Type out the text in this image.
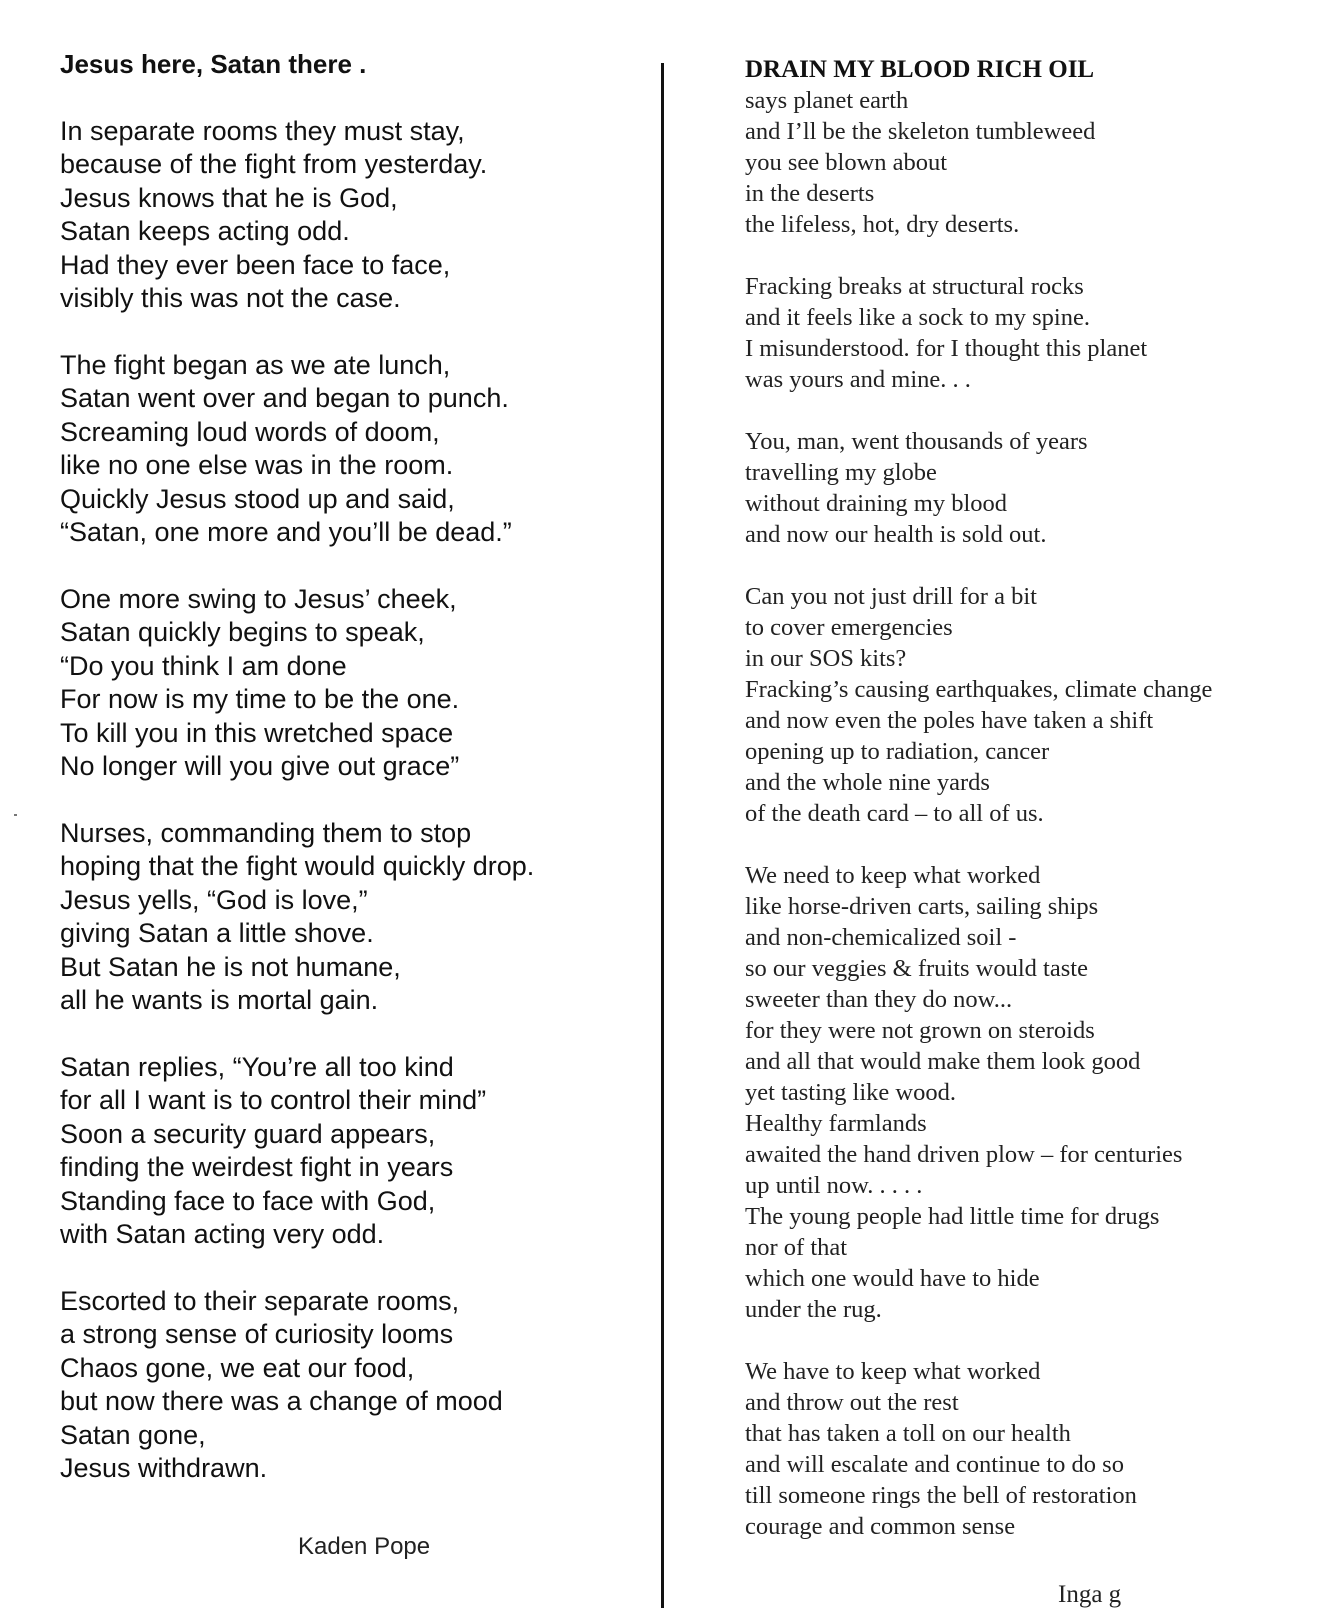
Jesus here, Satan there .
In separate rooms they must stay,
because of the fight from yesterday.
Jesus knows that he is God,
Satan keeps acting odd.
Had they ever been face to face,
visibly this was not the case.
The fight began as we ate lunch,
Satan went over and began to punch.
Screaming loud words of doom,
like no one else was in the room.
Quickly Jesus stood up and said,
“Satan, one more and you’ll be dead.”
One more swing to Jesus’ cheek,
Satan quickly begins to speak,
“Do you think I am done
For now is my time to be the one.
To kill you in this wretched space
No longer will you give out grace”
Nurses, commanding them to stop
hoping that the fight would quickly drop.
Jesus yells, “God is love,”
giving Satan a little shove.
But Satan he is not humane,
all he wants is mortal gain.
Satan replies, “You’re all too kind
for all I want is to control their mind”
Soon a security guard appears,
finding the weirdest fight in years
Standing face to face with God,
with Satan acting very odd.
Escorted to their separate rooms,
a strong sense of curiosity looms
Chaos gone, we eat our food,
but now there was a change of mood
Satan gone,
Jesus withdrawn.
Kaden Pope
DRAIN MY BLOOD RICH OIL
says planet earth
and I’ll be the skeleton tumbleweed
you see blown about
in the deserts
the lifeless, hot, dry deserts.
Fracking breaks at structural rocks
and it feels like a sock to my spine.
I misunderstood. for I thought this planet
was yours and mine. . .
You, man, went thousands of years
travelling my globe
without draining my blood
and now our health is sold out.
Can you not just drill for a bit
to cover emergencies
in our SOS kits?
Fracking’s causing earthquakes, climate change
and now even the poles have taken a shift
opening up to radiation, cancer
and the whole nine yards
of the death card – to all of us.
We need to keep what worked
like horse-driven carts, sailing ships
and non-chemicalized soil -
so our veggies & fruits would taste
sweeter than they do now...
for they were not grown on steroids
and all that would make them look good
yet tasting like wood.
Healthy farmlands
awaited the hand driven plow – for centuries
up until now. . . . .
The young people had little time for drugs
nor of that
which one would have to hide
under the rug.
We have to keep what worked
and throw out the rest
that has taken a toll on our health
and will escalate and continue to do so
till someone rings the bell of restoration
courage and common sense
Inga g
